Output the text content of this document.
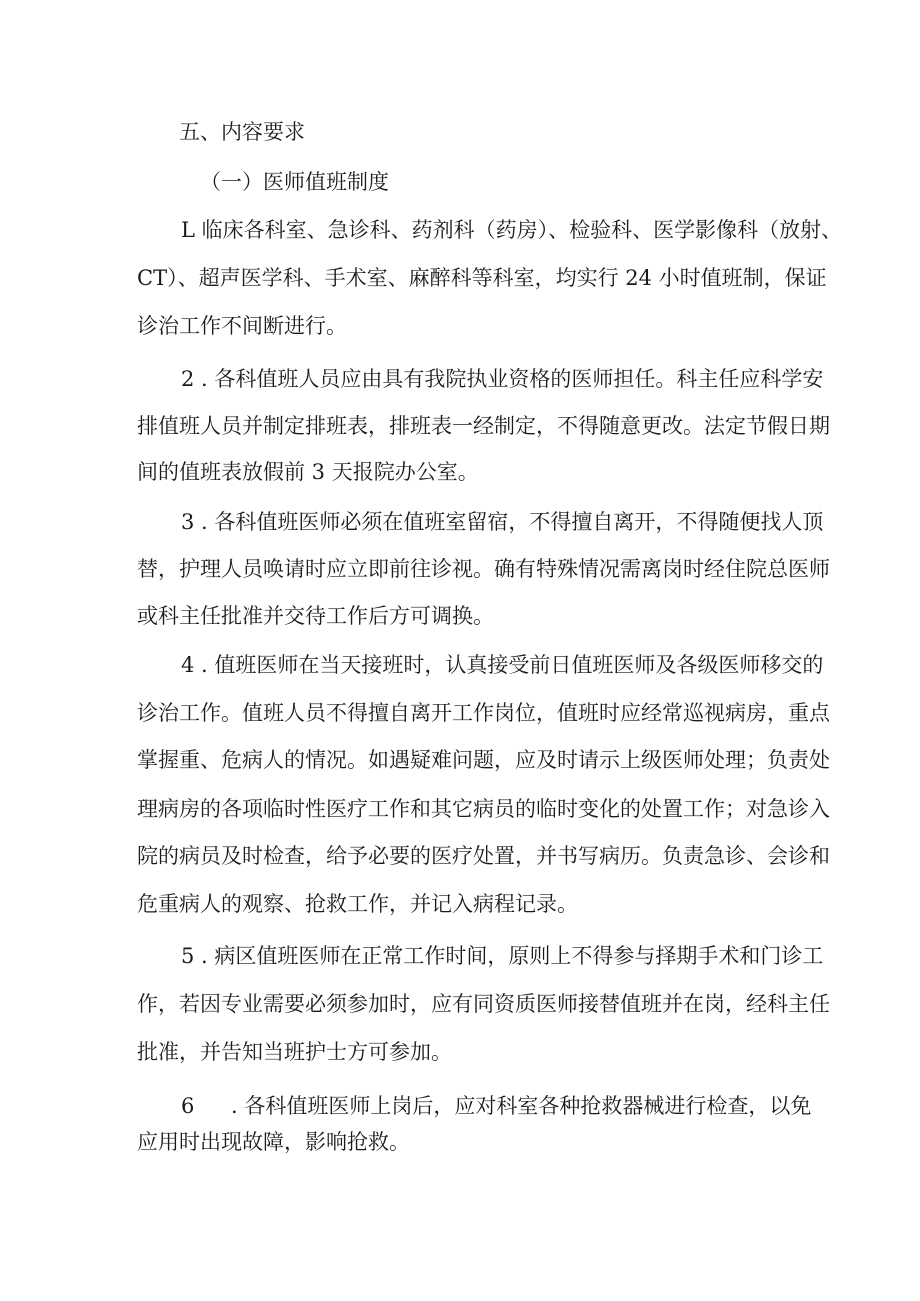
五、内容要求
（一）医师值班制度
L 临床各科室、急诊科、药剂科（药房）、检验科、医学影像科（放射、
CT）、超声医学科、手术室、麻醉科等科室，均实行 24 小时值班制，保证
诊治工作不间断进行。
2 . 各科值班人员应由具有我院执业资格的医师担任。科主任应科学安
排值班人员并制定排班表，排班表一经制定，不得随意更改。法定节假日期
间的值班表放假前 3 天报院办公室。
3 . 各科值班医师必须在值班室留宿，不得擅自离开，不得随便找人顶
替，护理人员唤请时应立即前往诊视。确有特殊情况需离岗时经住院总医师
或科主任批准并交待工作后方可调换。
4 . 值班医师在当天接班时，认真接受前日值班医师及各级医师移交的
诊治工作。值班人员不得擅自离开工作岗位，值班时应经常巡视病房，重点
掌握重、危病人的情况。如遇疑难问题，应及时请示上级医师处理；负责处
理病房的各项临时性医疗工作和其它病员的临时变化的处置工作；对急诊入
院的病员及时检查，给予必要的医疗处置，并书写病历。负责急诊、会诊和
危重病人的观察、抢救工作，并记入病程记录。
5 . 病区值班医师在正常工作时间，原则上不得参与择期手术和门诊工
作，若因专业需要必须参加时，应有同资质医师接替值班并在岗，经科主任
批准，并告知当班护士方可参加。
6 . 各科值班医师上岗后，应对科室各种抢救器械进行检查，以免
应用时出现故障，影响抢救。
